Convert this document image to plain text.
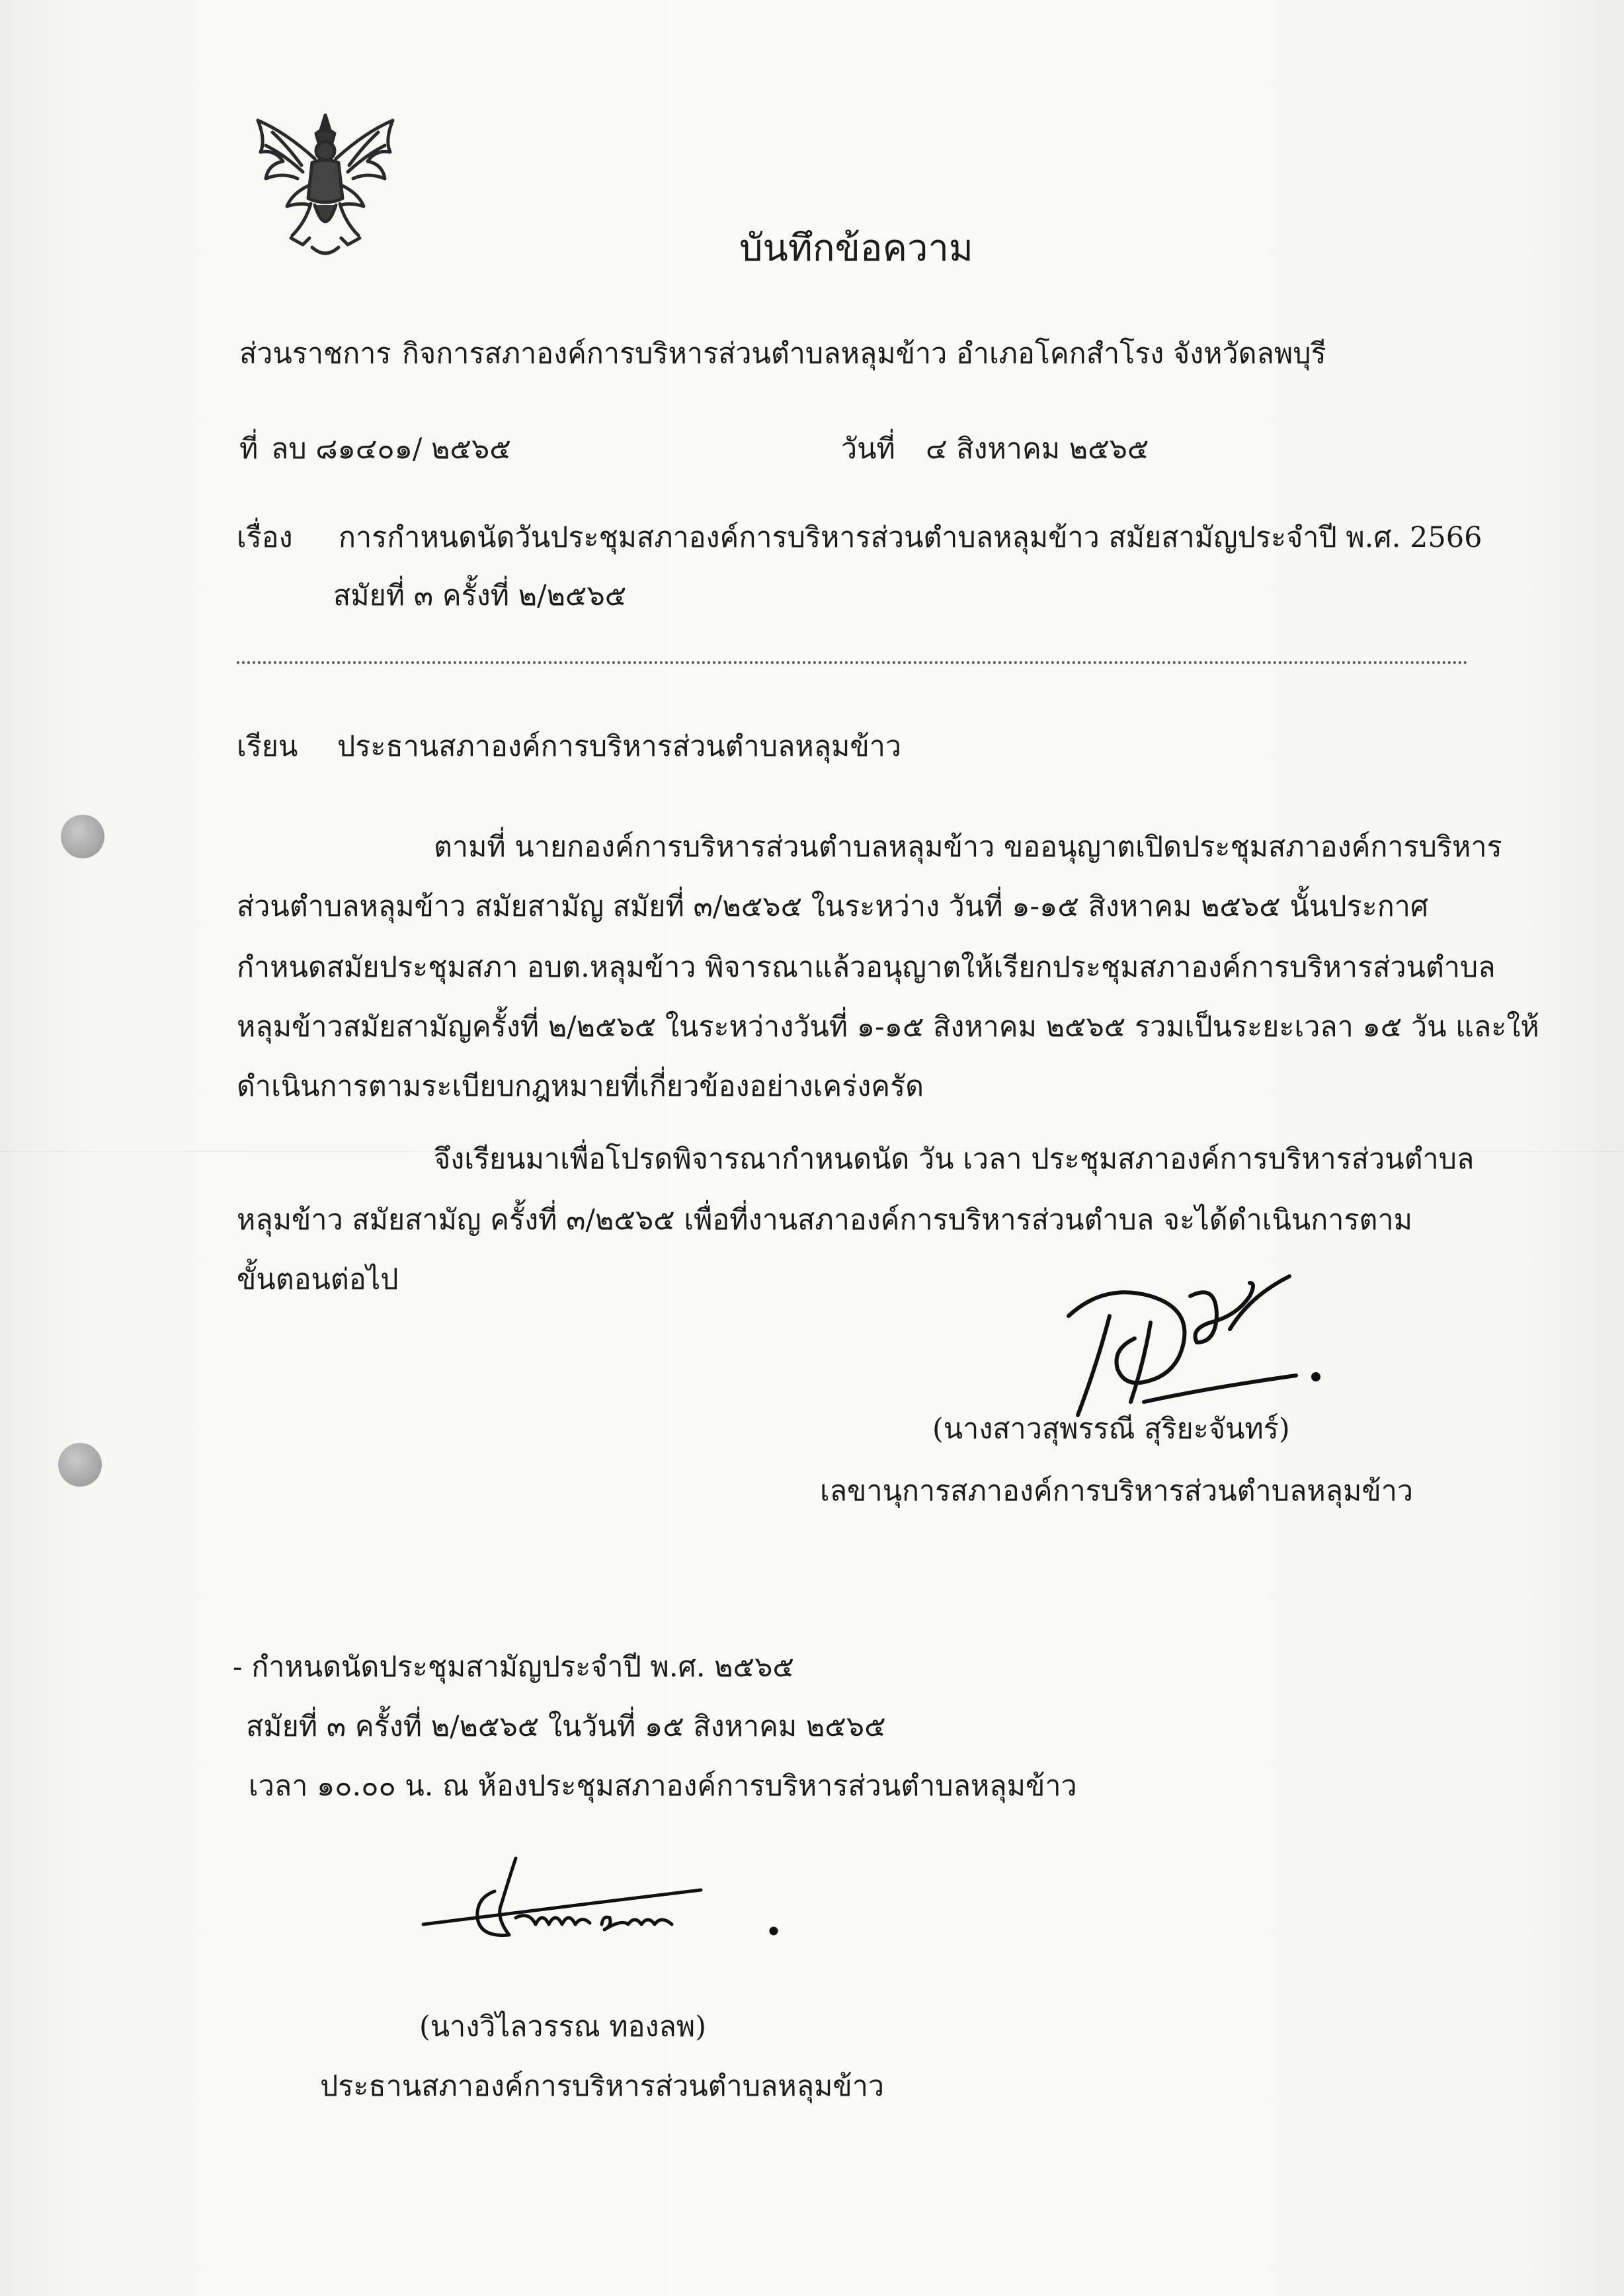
บันทึกข้อความ
ส่วนราชการ กิจการสภาองค์การบริหารส่วนตำบลหลุมข้าว อำเภอโคกสำโรง จังหวัดลพบุรี
ที่ ลบ ๘๑๔๐๑/ ๒๕๖๕	วันที่ ๔ สิงหาคม ๒๕๖๕
เรื่อง การกำหนดนัดวันประชุมสภาองค์การบริหารส่วนตำบลหลุมข้าว สมัยสามัญประจำปี พ.ศ. 2566
สมัยที่ ๓ ครั้งที่ ๒/๒๕๖๕
เรียน ประธานสภาองค์การบริหารส่วนตำบลหลุมข้าว
ตามที่ นายกองค์การบริหารส่วนตำบลหลุมข้าว ขออนุญาตเปิดประชุมสภาองค์การบริหาร
ส่วนตำบลหลุมข้าว สมัยสามัญ สมัยที่ ๓/๒๕๖๕ ในระหว่าง วันที่ ๑-๑๕ สิงหาคม ๒๕๖๕ นั้นประกาศ
กำหนดสมัยประชุมสภา อบต.หลุมข้าว พิจารณาแล้วอนุญาตให้เรียกประชุมสภาองค์การบริหารส่วนตำบล
หลุมข้าวสมัยสามัญครั้งที่ ๒/๒๕๖๕ ในระหว่างวันที่ ๑-๑๕ สิงหาคม ๒๕๖๕ รวมเป็นระยะเวลา ๑๕ วัน และให้
ดำเนินการตามระเบียบกฎหมายที่เกี่ยวข้องอย่างเคร่งครัด
จึงเรียนมาเพื่อโปรดพิจารณากำหนดนัด วัน เวลา ประชุมสภาองค์การบริหารส่วนตำบล
หลุมข้าว สมัยสามัญ ครั้งที่ ๓/๒๕๖๕ เพื่อที่งานสภาองค์การบริหารส่วนตำบล จะได้ดำเนินการตาม
ขั้นตอนต่อไป
(นางสาวสุพรรณี สุริยะจันทร์)
เลขานุการสภาองค์การบริหารส่วนตำบลหลุมข้าว
- กำหนดนัดประชุมสามัญประจำปี พ.ศ. ๒๕๖๕
สมัยที่ ๓ ครั้งที่ ๒/๒๕๖๕ ในวันที่ ๑๕ สิงหาคม ๒๕๖๕
เวลา ๑๐.๐๐ น. ณ ห้องประชุมสภาองค์การบริหารส่วนตำบลหลุมข้าว
(นางวิไลวรรณ ทองลพ)
ประธานสภาองค์การบริหารส่วนตำบลหลุมข้าว
